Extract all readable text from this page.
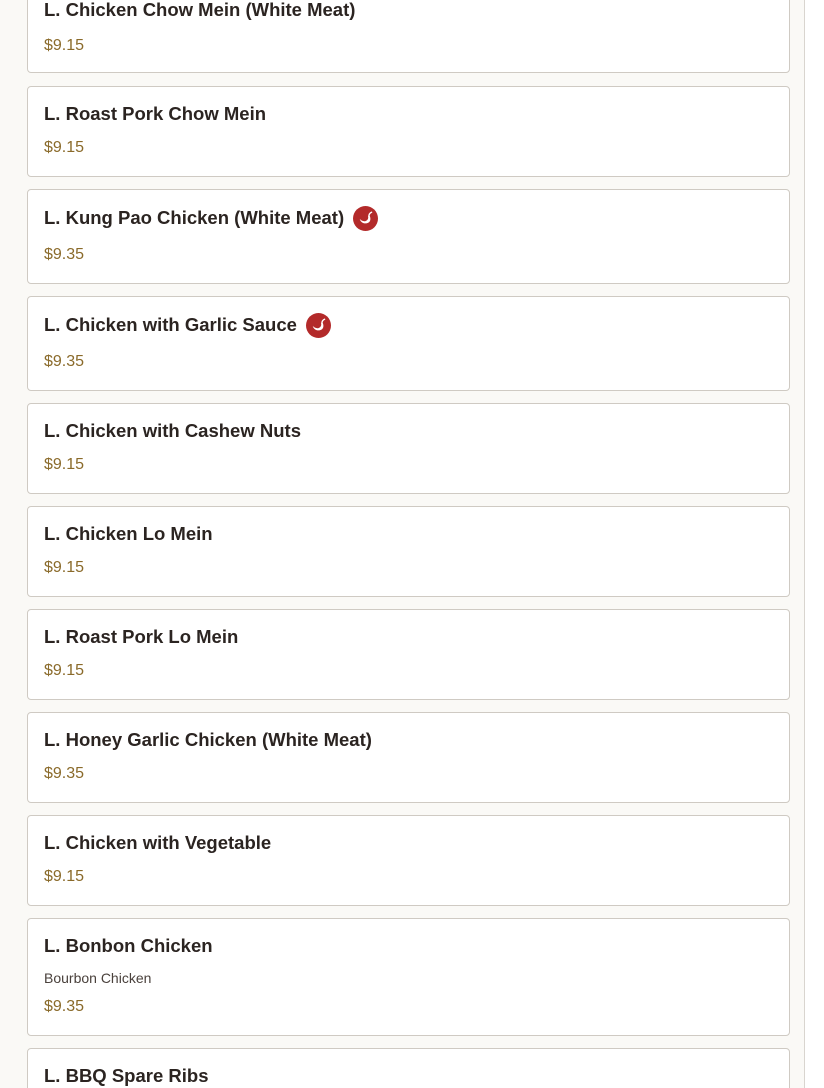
L. Chicken Chow Mein (White Meat)
$9.15
L. Roast Pork Chow Mein
$9.15
L. Kung Pao Chicken (White Meat)
$9.35
L. Chicken with Garlic Sauce
$9.35
L. Chicken with Cashew Nuts
$9.15
L. Chicken Lo Mein
$9.15
L. Roast Pork Lo Mein
$9.15
L. Honey Garlic Chicken (White Meat)
$9.35
L. Chicken with Vegetable
$9.15
L. Bonbon Chicken
Bourbon Chicken
$9.35
L. BBQ Spare Ribs
